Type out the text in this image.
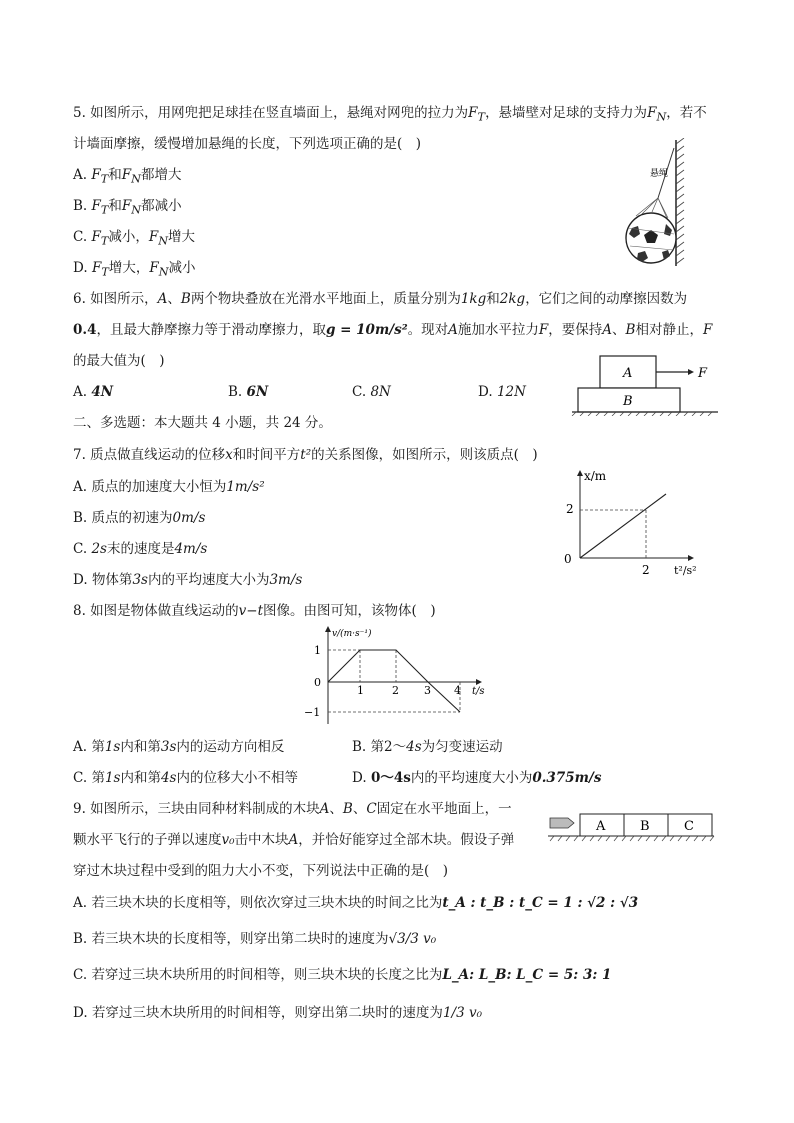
5. 如图所示，用网兜把足球挂在竖直墙面上，悬绳对网兜的拉力为$F_T$，悬墙壁对足球的支持力为$F_N$，若不
计墙面摩擦，缓慢增加悬绳的长度，下列选项正确的是(　)
A. $F_T$和$F_N$都增大
B. $F_T$和$F_N$都减小
C. $F_T$减小，$F_N$增大
D. $F_T$增大，$F_N$减小
悬绳
6. 如图所示，A、B两个物块叠放在光滑水平地面上，质量分别为1kg和2kg，它们之间的动摩擦因数为
0.4，且最大静摩擦力等于滑动摩擦力，取g = 10m/s²。现对A施加水平拉力F，要保持A、B相对静止，F
的最大值为(　)
A. 4N	B. 6N	C. 8N	D. 12N
A
B
F
二、多选题：本大题共 4 小题，共 24 分。
7. 质点做直线运动的位移x和时间平方t²的关系图像，如图所示，则该质点(　)
A. 质点的加速度大小恒为1m/s²
B. 质点的初速为0m/s
C. 2s末的速度是4m/s
D. 物体第3s内的平均速度大小为3m/s
x/m
t²/s²
0
2
2
8. 如图是物体做直线运动的v−t图像。由图可知，该物体(　)
v/(m·s⁻¹)
t/s
1
0
−1
1	2 3 4
A. 第1s内和第3s内的运动方向相反	B. 第2～4s为匀变速运动
C. 第1s内和第4s内的位移大小不相等	D. 0～4s内的平均速度大小为0.375m/s
9. 如图所示，三块由同种材料制成的木块A、B、C固定在水平地面上，一
颗水平飞行的子弹以速度v₀击中木块A，并恰好能穿过全部木块。假设子弹
穿过木块过程中受到的阻力大小不变，下列说法中正确的是(　)
A	B	C
A. 若三块木块的长度相等，则依次穿过三块木块的时间之比为t_A : t_B : t_C = 1 : √2 : √3
B. 若三块木块的长度相等，则穿出第二块时的速度为√3/3 v₀
C. 若穿过三块木块所用的时间相等，则三块木块的长度之比为L_A: L_B: L_C = 5: 3: 1
D. 若穿过三块木块所用的时间相等，则穿出第二块时的速度为1/3 v₀
